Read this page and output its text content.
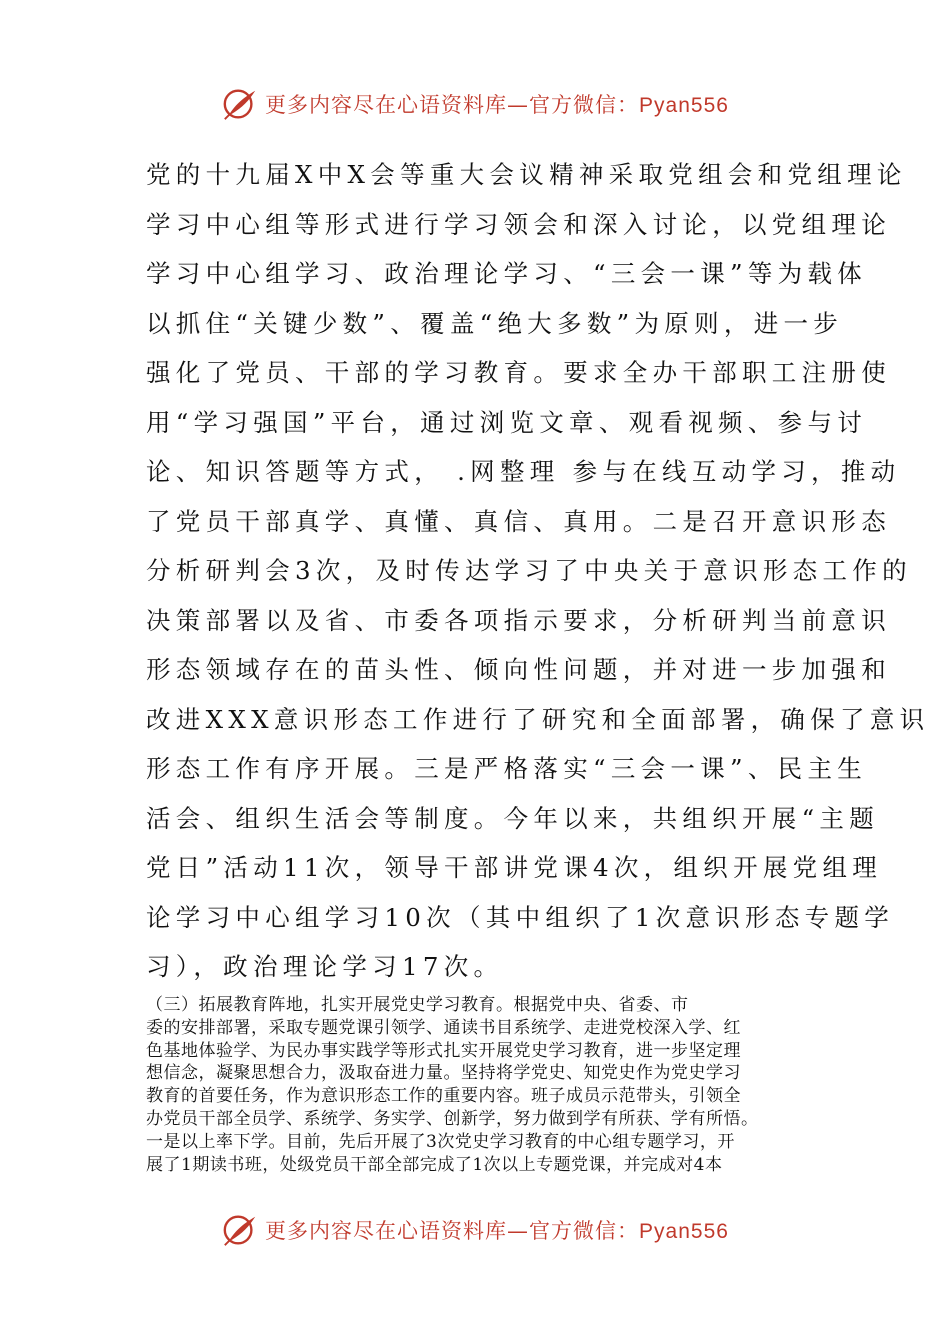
更多内容尽在心语资料库—官方微信：Pyan556
党的十九届X中X会等重大会议精神采取党组会和党组理论
学习中心组等形式进行学习领会和深入讨论，以党组理论
学习中心组学习、政治理论学习、“三会一课”等为载体
以抓住“关键少数”、覆盖“绝大多数”为原则，进一步
强化了党员、干部的学习教育。要求全办干部职工注册使
用“学习强国”平台，通过浏览文章、观看视频、参与讨
论、知识答题等方式， .网整理 参与在线互动学习，推动
了党员干部真学、真懂、真信、真用。二是召开意识形态
分析研判会3次，及时传达学习了中央关于意识形态工作的
决策部署以及省、市委各项指示要求，分析研判当前意识
形态领域存在的苗头性、倾向性问题，并对进一步加强和
改进XXX意识形态工作进行了研究和全面部署，确保了意识
形态工作有序开展。三是严格落实“三会一课”、民主生
活会、组织生活会等制度。今年以来，共组织开展“主题
党日”活动11次，领导干部讲党课4次，组织开展党组理
论学习中心组学习10次（其中组织了1次意识形态专题学
习），政治理论学习17次。
（三）拓展教育阵地，扎实开展党史学习教育。根据党中央、省委、市
委的安排部署，采取专题党课引领学、通读书目系统学、走进党校深入学、红
色基地体验学、为民办事实践学等形式扎实开展党史学习教育，进一步坚定理
想信念，凝聚思想合力，汲取奋进力量。坚持将学党史、知党史作为党史学习
教育的首要任务，作为意识形态工作的重要内容。班子成员示范带头，引领全
办党员干部全员学、系统学、务实学、创新学，努力做到学有所获、学有所悟。
一是以上率下学。目前，先后开展了3次党史学习教育的中心组专题学习，开
展了1期读书班，处级党员干部全部完成了1次以上专题党课，并完成对4本
更多内容尽在心语资料库—官方微信：Pyan556
